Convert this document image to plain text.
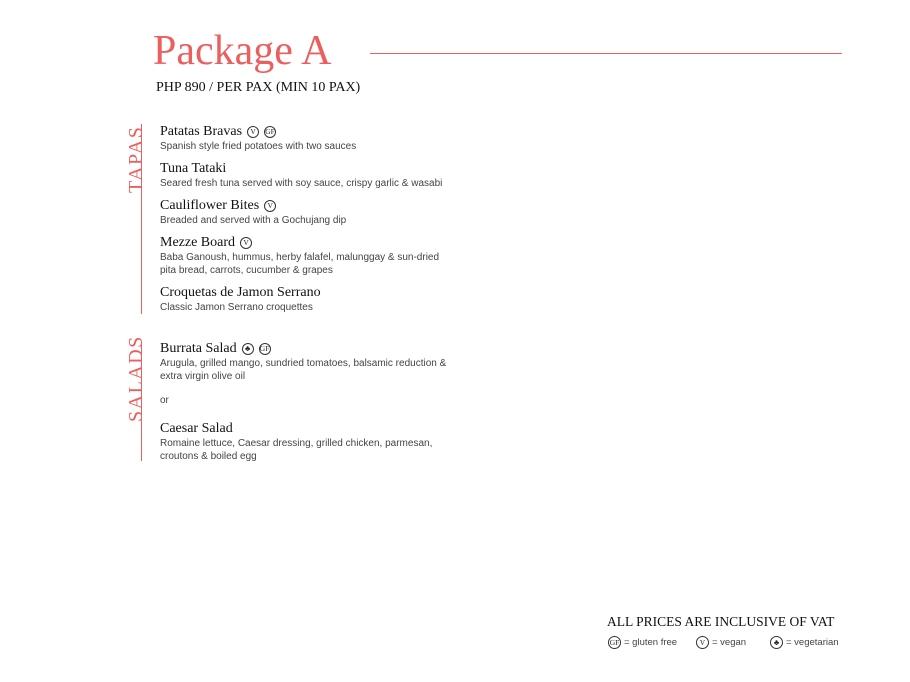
Package A
PHP 890 / PER PAX (MIN 10 PAX)
TAPAS Patatas Bravas	V	GF
Spanish style fried potatoes with two sauces
Tuna Tataki
Seared fresh tuna served with soy sauce, crispy garlic & wasabi
Cauliflower Bites	V
Breaded and served with a Gochujang dip
Mezze Board	V
Baba Ganoush, hummus, herby falafel, malunggay & sun-dried pita bread, carrots, cucumber & grapes
Croquetas de Jamon Serrano
Classic Jamon Serrano croquettes
SALADS Burrata Salad	♣	GF
Arugula, grilled mango, sundried tomatoes, balsamic reduction & extra virgin olive oil
or
Caesar Salad
Romaine lettuce, Caesar dressing, grilled chicken, parmesan, croutons & boiled egg
ALL PRICES ARE INCLUSIVE OF VAT
GF = gluten free	V = vegan	♣ = vegetarian
